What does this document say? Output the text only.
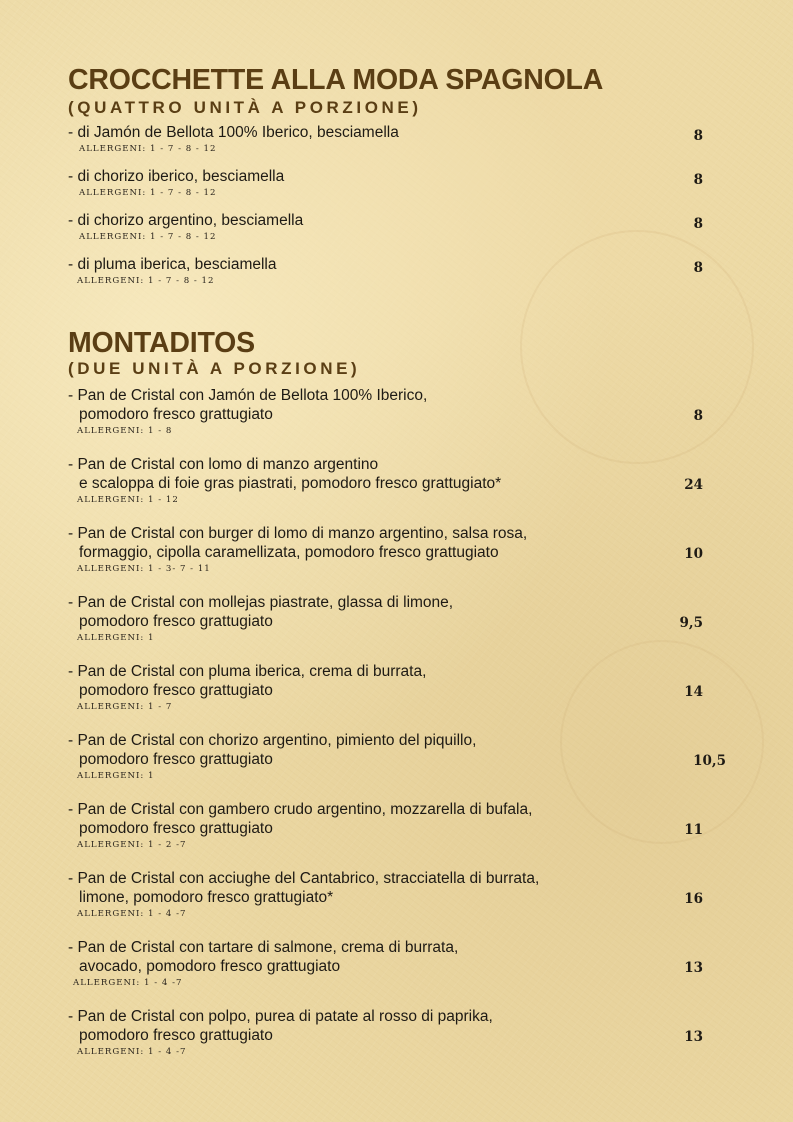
CROCCHETTE ALLA MODA SPAGNOLA
(QUATTRO UNITÀ A PORZIONE)
- di Jamón de Bellota 100% Iberico, besciamella
ALLERGENI: 1 - 7 - 8 - 12
8
- di chorizo iberico, besciamella
ALLERGENI: 1 - 7 - 8 - 12
8
- di chorizo argentino, besciamella
ALLERGENI: 1 - 7 - 8 - 12
8
- di pluma iberica, besciamella
ALLERGENI: 1 - 7 - 8 - 12
8
MONTADITOS
(DUE UNITÀ A PORZIONE)
- Pan de Cristal con Jamón de Bellota 100% Iberico,
pomodoro fresco grattugiato
ALLERGENI: 1 - 8
8
- Pan de Cristal con lomo di manzo argentino
e scaloppa di foie gras piastrati, pomodoro fresco grattugiato*
ALLERGENI: 1 - 12
24
- Pan de Cristal con burger di lomo di manzo argentino, salsa rosa,
formaggio, cipolla caramellizata, pomodoro fresco grattugiato
ALLERGENI: 1 - 3- 7 - 11
10
- Pan de Cristal con mollejas piastrate, glassa di limone,
pomodoro fresco grattugiato
ALLERGENI: 1
9,5
- Pan de Cristal con pluma iberica, crema di burrata,
pomodoro fresco grattugiato
ALLERGENI: 1 - 7
14
- Pan de Cristal con chorizo argentino, pimiento del piquillo,
pomodoro fresco grattugiato
ALLERGENI: 1
10,5
- Pan de Cristal con gambero crudo argentino, mozzarella di bufala,
pomodoro fresco grattugiato
ALLERGENI: 1 - 2 -7
11
- Pan de Cristal con acciughe del Cantabrico, stracciatella di burrata,
limone, pomodoro fresco grattugiato*
ALLERGENI: 1 - 4 -7
16
- Pan de Cristal con tartare di salmone, crema di burrata,
avocado, pomodoro fresco grattugiato
ALLERGENI: 1 - 4 -7
13
- Pan de Cristal con polpo, purea di patate al rosso di paprika,
pomodoro fresco grattugiato
ALLERGENI: 1 - 4 -7
13
